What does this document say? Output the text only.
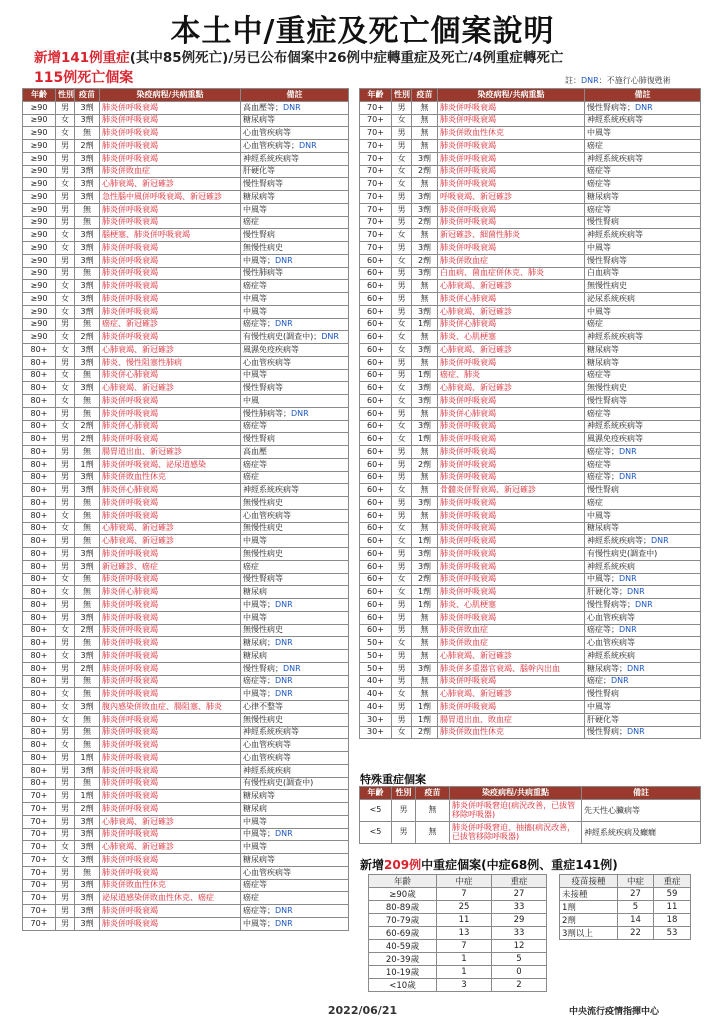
本土中/重症及死亡個案說明
新增141例重症(其中85例死亡)/另已公布個案中26例中症轉重症及死亡/4例重症轉死亡
115例死亡個案	註：DNR：不施行心肺復甦術
年齡	性別	疫苗	染疫病程/共病重點	備註
≥90	男	3劑	肺炎併呼吸衰竭	高血壓等；DNR
≥90	女	3劑	肺炎併呼吸衰竭	糖尿病等
≥90	女	無	肺炎併呼吸衰竭	心血管疾病等
≥90	男	2劑	肺炎併呼吸衰竭	心血管疾病等；DNR
≥90	男	3劑	肺炎併呼吸衰竭	神經系統疾病等
≥90	男	3劑	肺炎併敗血症	肝硬化等
≥90	女	3劑	心肺衰竭、新冠確診	慢性腎病等
≥90	男	3劑	急性腦中風併呼吸衰竭、新冠確診	糖尿病等
≥90	男	無	肺炎併呼吸衰竭	中風等
≥90	男	無	肺炎併呼吸衰竭	癌症
≥90	女	3劑	腦梗塞、肺炎併呼吸衰竭	慢性腎病
≥90	女	3劑	肺炎併呼吸衰竭	無慢性病史
≥90	男	3劑	肺炎併呼吸衰竭	中風等；DNR
≥90	男	無	肺炎併呼吸衰竭	慢性肺病等
≥90	女	3劑	肺炎併呼吸衰竭	癌症等
≥90	女	3劑	肺炎併呼吸衰竭	中風等
≥90	女	3劑	肺炎併呼吸衰竭	中風等
≥90	男	無	癌症、新冠確診	癌症等；DNR
≥90	女	2劑	肺炎併呼吸衰竭	有慢性病史(調查中)；DNR
80+	女	3劑	心肺衰竭、新冠確診	風濕免疫疾病等
80+	男	3劑	肺炎、慢性阻塞性肺病	心血管疾病等
80+	女	無	肺炎併心肺衰竭	中風等
80+	女	3劑	心肺衰竭、新冠確診	慢性腎病等
80+	女	無	肺炎併呼吸衰竭	中風
80+	男	無	肺炎併呼吸衰竭	慢性肺病等；DNR
80+	女	2劑	肺炎併心肺衰竭	癌症等
80+	男	2劑	肺炎併呼吸衰竭	慢性腎病
80+	男	無	腸胃道出血、新冠確診	高血壓
80+	男	1劑	肺炎併呼吸衰竭、泌尿道感染	癌症等
80+	男	3劑	肺炎併敗血性休克	癌症
80+	男	3劑	肺炎併心肺衰竭	神經系統疾病等
80+	男	無	肺炎併呼吸衰竭	無慢性病史
80+	女	無	肺炎併呼吸衰竭	心血管疾病等
80+	女	無	心肺衰竭、新冠確診	無慢性病史
80+	男	無	心肺衰竭、新冠確診	中風等
80+	男	3劑	肺炎併呼吸衰竭	無慢性病史
80+	男	3劑	新冠確診、癌症	癌症
80+	女	無	肺炎併呼吸衰竭	慢性腎病等
80+	女	無	肺炎併心肺衰竭	糖尿病
80+	男	無	肺炎併呼吸衰竭	中風等；DNR
80+	男	3劑	肺炎併呼吸衰竭	中風等
80+	女	2劑	肺炎併呼吸衰竭	無慢性病史
80+	男	無	肺炎併呼吸衰竭	糖尿病；DNR
80+	女	3劑	肺炎併呼吸衰竭	糖尿病
80+	男	2劑	肺炎併呼吸衰竭	慢性腎病；DNR
80+	男	無	肺炎併呼吸衰竭	癌症等；DNR
80+	女	無	肺炎併呼吸衰竭	中風等；DNR
80+	女	3劑	腹內感染併敗血症、腸阻塞、肺炎	心律不整等
80+	女	無	肺炎併呼吸衰竭	無慢性病史
80+	男	無	肺炎併呼吸衰竭	神經系統疾病等
80+	女	無	肺炎併呼吸衰竭	心血管疾病等
80+	男	1劑	肺炎併呼吸衰竭	心血管疾病等
80+	男	3劑	肺炎併呼吸衰竭	神經系統疾病
80+	男	無	肺炎併呼吸衰竭	有慢性病史(調查中)
70+	男	1劑	肺炎併呼吸衰竭	糖尿病等
70+	男	2劑	肺炎併呼吸衰竭	糖尿病
70+	男	3劑	心肺衰竭、新冠確診	中風等
70+	男	3劑	肺炎併呼吸衰竭	中風等；DNR
70+	女	3劑	心肺衰竭、新冠確診	中風等
70+	女	3劑	肺炎併呼吸衰竭	糖尿病等
70+	男	無	肺炎併呼吸衰竭	心血管疾病等
70+	男	3劑	肺炎併敗血性休克	癌症等
70+	男	3劑	泌尿道感染併敗血性休克、癌症	癌症
70+	男	3劑	肺炎併呼吸衰竭	癌症等；DNR
70+	男	3劑	肺炎併呼吸衰竭	中風等；DNR
年齡	性別	疫苗	染疫病程/共病重點	備註
70+	男	無	肺炎併呼吸衰竭	慢性腎病等；DNR
70+	女	無	肺炎併呼吸衰竭	神經系統疾病等
70+	男	無	肺炎併敗血性休克	中風等
70+	男	無	肺炎併呼吸衰竭	癌症
70+	女	3劑	肺炎併呼吸衰竭	神經系統疾病等
70+	女	2劑	肺炎併呼吸衰竭	癌症等
70+	女	無	肺炎併呼吸衰竭	癌症等
70+	男	3劑	呼吸衰竭、新冠確診	糖尿病等
70+	男	3劑	肺炎併呼吸衰竭	癌症等
70+	男	2劑	肺炎併呼吸衰竭	慢性腎病
70+	女	無	新冠確診、細菌性肺炎	神經系統疾病等
70+	男	3劑	肺炎併呼吸衰竭	中風等
60+	女	2劑	肺炎併敗血症	慢性腎病等
60+	男	3劑	白血病、菌血症併休克、肺炎	白血病等
60+	男	無	心肺衰竭、新冠確診	無慢性病史
60+	男	無	肺炎併心肺衰竭	泌尿系統疾病
60+	男	3劑	心肺衰竭、新冠確診	中風等
60+	女	1劑	肺炎併心肺衰竭	癌症
60+	女	無	肺炎、心肌梗塞	神經系統疾病等
60+	女	3劑	心肺衰竭、新冠確診	糖尿病等
60+	男	無	肺炎併呼吸衰竭	糖尿病等
60+	男	1劑	癌症、肺炎	癌症等
60+	女	3劑	心肺衰竭、新冠確診	無慢性病史
60+	女	3劑	肺炎併呼吸衰竭	慢性腎病等
60+	男	無	肺炎併心肺衰竭	癌症等
60+	女	3劑	肺炎併呼吸衰竭	神經系統疾病等
60+	女	1劑	肺炎併呼吸衰竭	風濕免疫疾病等
60+	男	無	肺炎併呼吸衰竭	癌症等；DNR
60+	男	2劑	肺炎併呼吸衰竭	癌症等
60+	男	無	肺炎併呼吸衰竭	癌症等；DNR
60+	女	無	骨髓炎併腎衰竭、新冠確診	慢性腎病
60+	男	3劑	肺炎併呼吸衰竭	癌症
60+	男	無	肺炎併呼吸衰竭	中風等
60+	女	無	肺炎併呼吸衰竭	糖尿病等
60+	女	1劑	肺炎併呼吸衰竭	神經系統疾病等；DNR
60+	男	3劑	肺炎併呼吸衰竭	有慢性病史(調查中)
60+	男	3劑	肺炎併呼吸衰竭	神經系統疾病
60+	女	2劑	肺炎併呼吸衰竭	中風等；DNR
60+	女	1劑	肺炎併呼吸衰竭	肝硬化等；DNR
60+	男	1劑	肺炎、心肌梗塞	慢性腎病等；DNR
60+	男	無	肺炎併呼吸衰竭	心血管疾病等
60+	男	無	肺炎併敗血症	癌症等；DNR
50+	女	無	肺炎併敗血症	心血管疾病等
50+	男	無	心肺衰竭、新冠確診	神經系統疾病
50+	男	3劑	肺炎併多重器官衰竭、腦幹內出血	糖尿病等；DNR
40+	男	無	肺炎併呼吸衰竭	癌症；DNR
40+	女	無	心肺衰竭、新冠確診	慢性腎病
40+	男	1劑	肺炎併呼吸衰竭	中風等
30+	男	1劑	腸胃道出血、敗血症	肝硬化等
30+	女	2劑	肺炎併敗血性休克	慢性腎病；DNR
特殊重症個案
年齡	性別	疫苗	染疫病程/共病重點	備註
<5	男	無	肺炎併呼吸窘迫(病況改善，已拔管移除呼吸器)	先天性心臟病等
<5	男	無	肺炎併呼吸窘迫、抽搐(病況改善，已拔管移除呼吸器)	神經系統疾病及癲癇
新增209例中重症個案(中症68例、重症141例)
年齡	中症	重症
≥90歲	7	27
80-89歲	25	33
70-79歲	11	29
60-69歲	13	33
40-59歲	7	12
20-39歲	1	5
10-19歲	1	0
<10歲	3	2
疫苗接種	中症	重症
未接種	27	59
1劑	5	11
2劑	14	18
3劑以上	22	53
2022/06/21	中央流行疫情指揮中心
